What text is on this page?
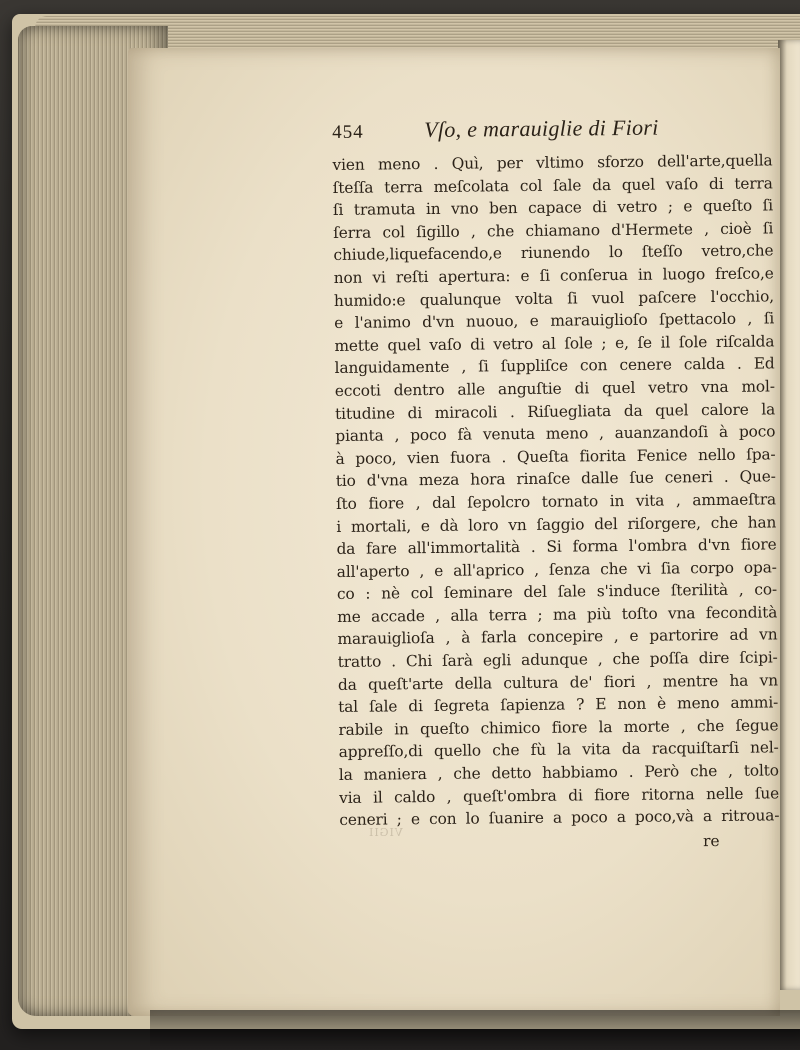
454	Vſo, e marauiglie di Fiori
vien meno . Quì, per vltimo sforzo dell'arte,quella
ſteſſa terra meſcolata col ſale da quel vaſo di terra
ſi tramuta in vno ben capace di vetro ; e queſto ſi
ſerra col ſigillo , che chiamano d'Hermete , cioè ſi
chiude,liquefacendo,e riunendo lo ſteſſo vetro,che
non vi reſti apertura: e ſi conſerua in luogo freſco,e
humido:e qualunque volta ſi vuol paſcere l'occhio,
e l'animo d'vn nuouo, e marauiglioſo ſpettacolo , ſi
mette quel vaſo di vetro al ſole ; e, ſe il ſole riſcalda
languidamente , ſi ſuppliſce con cenere calda . Ed
eccoti dentro alle anguſtie di quel vetro vna mol-
titudine di miracoli . Riſuegliata da quel calore la
pianta , poco fà venuta meno , auanzandoſi à poco
à poco, vien fuora . Queſta fiorita Fenice nello ſpa-
tio d'vna meza hora rinaſce dalle ſue ceneri . Que-
ſto fiore , dal ſepolcro tornato in vita , ammaeſtra
i mortali, e dà loro vn ſaggio del riſorgere, che han
da fare all'immortalità . Si forma l'ombra d'vn fiore
all'aperto , e all'aprico , ſenza che vi ſia corpo opa-
co : nè col ſeminare del ſale s'induce ſterilità , co-
me accade , alla terra ; ma più toſto vna fecondità
marauiglioſa , à farla concepire , e partorire ad vn
tratto . Chi ſarà egli adunque , che poſſa dire ſcipi-
da queſt'arte della cultura de' fiori , mentre ha vn
tal ſale di ſegreta ſapienza ? E non è meno ammi-
rabile in queſto chimico fiore la morte , che ſegue
appreſſo,di quello che fù la vita da racquiſtarſi nel-
la maniera , che detto habbiamo . Però che , tolto
via il caldo , queſt'ombra di fiore ritorna nelle ſue
ceneri ; e con lo ſuanire a poco a poco,và a ritroua-
re
VIGII
